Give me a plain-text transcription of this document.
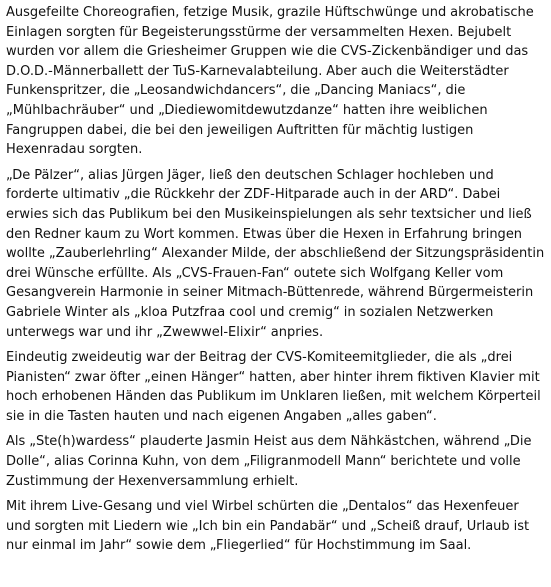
Ausgefeilte Choreografien, fetzige Musik, grazile Hüftschwünge und akrobatische Einlagen sorgten für Begeisterungsstürme der versammelten Hexen. Bejubelt wurden vor allem die Griesheimer Gruppen wie die CVS-Zickenbändiger und das D.O.D.-Männerballett der TuS-Karnevalabteilung. Aber auch die Weiterstädter Funkenspritzer, die „Leosandwichdancers“, die „Dancing Maniacs“, die „Mühlbachräuber“ und „Diediewomitdewutzdanze“ hatten ihre weiblichen Fangruppen dabei, die bei den jeweiligen Auftritten für mächtig lustigen Hexenradau sorgten.

„De Pälzer“, alias Jürgen Jäger, ließ den deutschen Schlager hochleben und forderte ultimativ „die Rückkehr der ZDF-Hitparade auch in der ARD“. Dabei erwies sich das Publikum bei den Musikeinspielungen als sehr textsicher und ließ den Redner kaum zu Wort kommen. Etwas über die Hexen in Erfahrung bringen wollte „Zauberlehrling“ Alexander Milde, der abschließend der Sitzungspräsidentin drei Wünsche erfüllte. Als „CVS-Frauen-Fan“ outete sich Wolfgang Keller vom Gesangverein Harmonie in seiner Mitmach-Büttenrede, während Bürgermeisterin Gabriele Winter als „kloa Putzfraa cool und cremig“ in sozialen Netzwerken unterwegs war und ihr „Zwewwel-Elixir“ anpries.

Eindeutig zweideutig war der Beitrag der CVS-Komiteemitglieder, die als „drei Pianisten“ zwar öfter „einen Hänger“ hatten, aber hinter ihrem fiktiven Klavier mit hoch erhobenen Händen das Publikum im Unklaren ließen, mit welchem Körperteil sie in die Tasten hauten und nach eigenen Angaben „alles gaben“.

Als „Ste(h)wardess“ plauderte Jasmin Heist aus dem Nähkästchen, während „Die Dolle“, alias Corinna Kuhn, von dem „Filigranmodell Mann“ berichtete und volle Zustimmung der Hexenversammlung erhielt.

Mit ihrem Live-Gesang und viel Wirbel schürten die „Dentalos“ das Hexenfeuer und sorgten mit Liedern wie „Ich bin ein Pandabär“ und „Scheiß drauf, Urlaub ist nur einmal im Jahr“ sowie dem „Fliegerlied“ für Hochstimmung im Saal.
